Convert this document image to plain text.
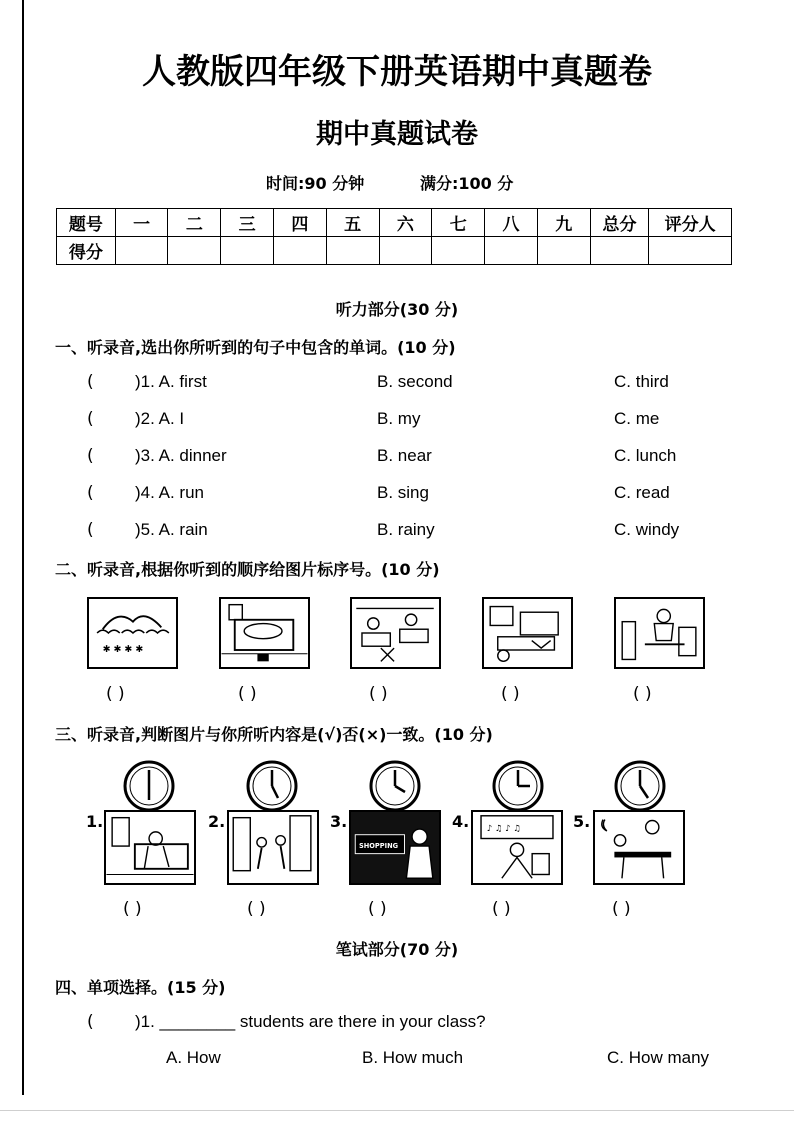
人教版四年级下册英语期中真题卷
期中真题试卷
时间:90 分钟	满分:100 分
题号	一	二	三	四	五	六	七	八	九	总分	评分人
得分											
听力部分(30 分)
一、听录音,选出你所听到的句子中包含的单词。(10 分)
( )1. A. first	B. second	C. third
( )2. A. I	B. my	C. me
( )3. A. dinner	B. near	C. lunch
( )4. A. run	B. sing	C. read
( )5. A. rain	B. rainy	C. windy
二、听录音,根据你听到的顺序给图片标序号。(10 分)
✱ ✱ ✱ ✱
( )	( )	( )	( )	( )
三、听录音,判断图片与你所听内容是(√)否(×)一致。(10 分)
1.	2.	3.	4.	5.
SHOPPING
♪ ♫ ♪ ♫
( )	( )	( )	( )	( )
笔试部分(70 分)
四、单项选择。(15 分)
( )1. ________ students are there in your class?
A. How	B. How much	C. How many
